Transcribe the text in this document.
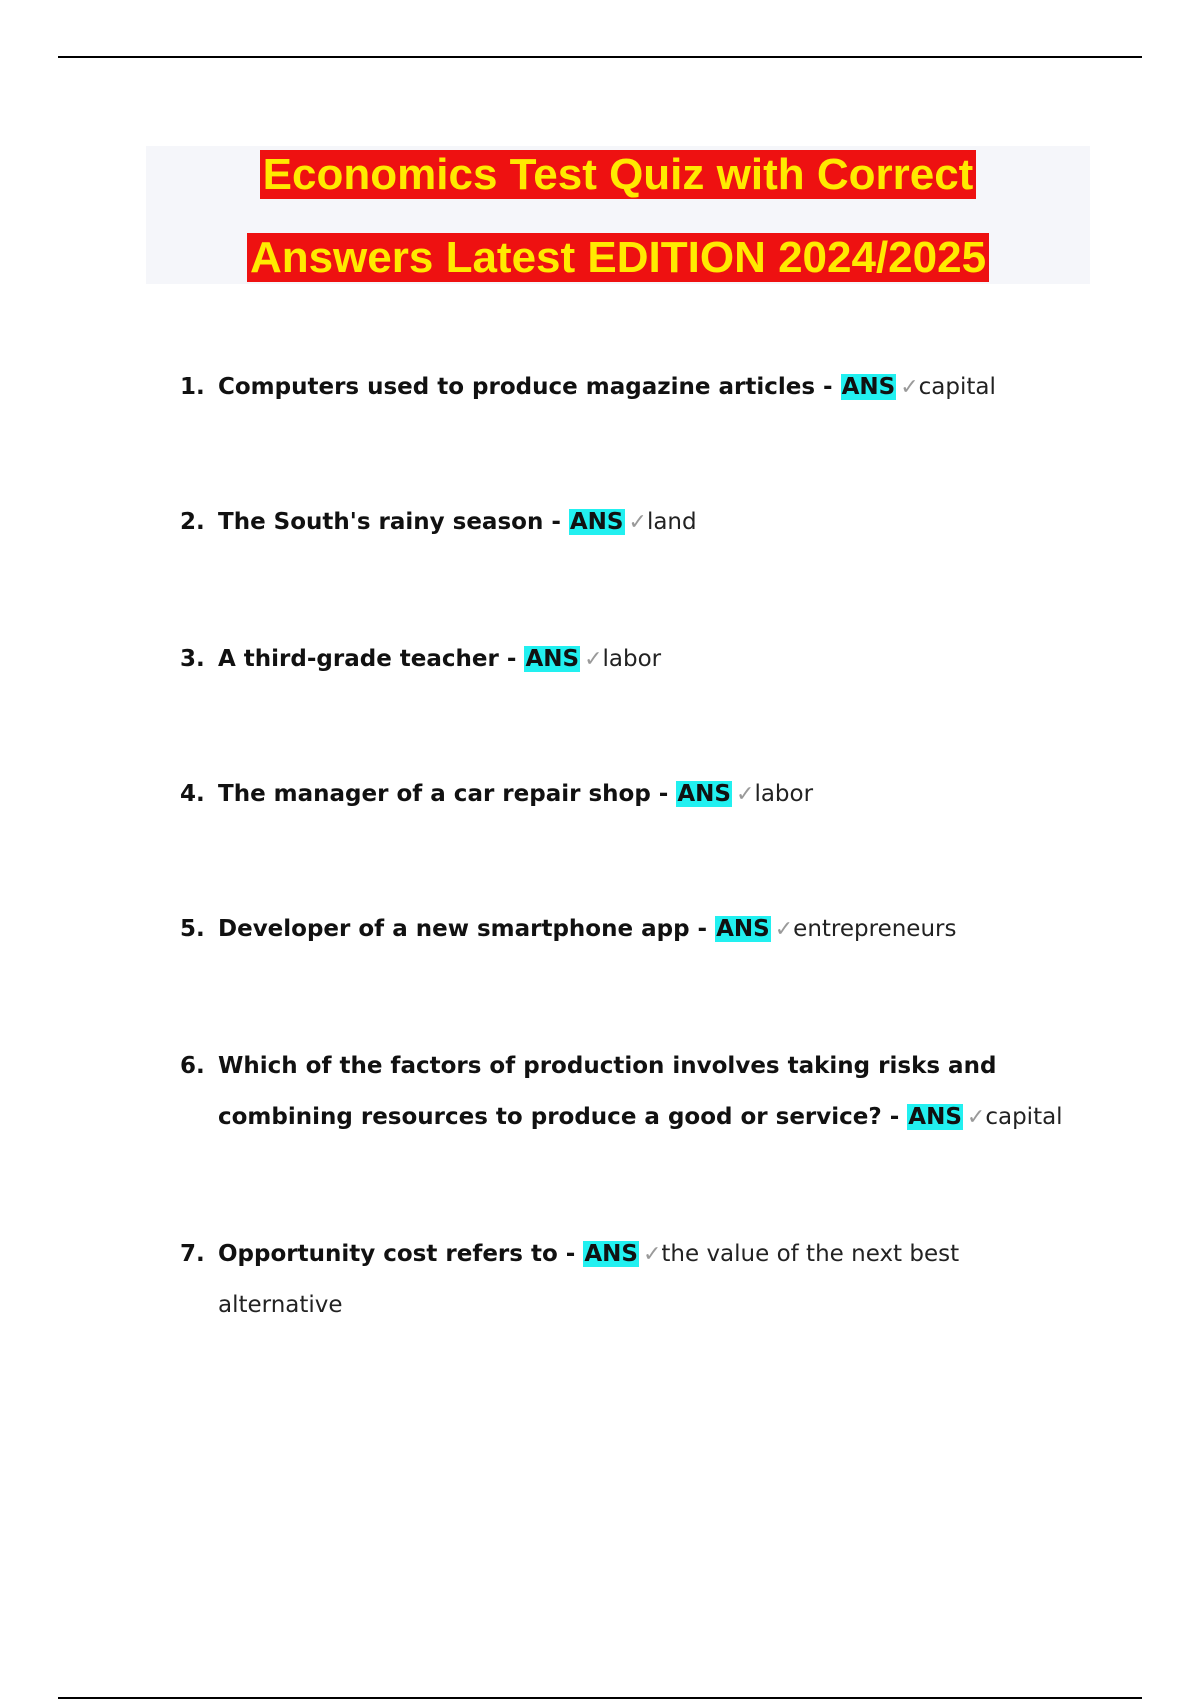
Economics Test Quiz with Correct
Answers Latest EDITION 2024/2025
1. Computers used to produce magazine articles - ANS ✓capital
2. The South's rainy season - ANS ✓land
3. A third-grade teacher - ANS ✓labor
4. The manager of a car repair shop - ANS ✓labor
5. Developer of a new smartphone app - ANS ✓entrepreneurs
6. Which of the factors of production involves taking risks and combining resources to produce a good or service? - ANS ✓capital
7. Opportunity cost refers to - ANS ✓the value of the next best alternative
